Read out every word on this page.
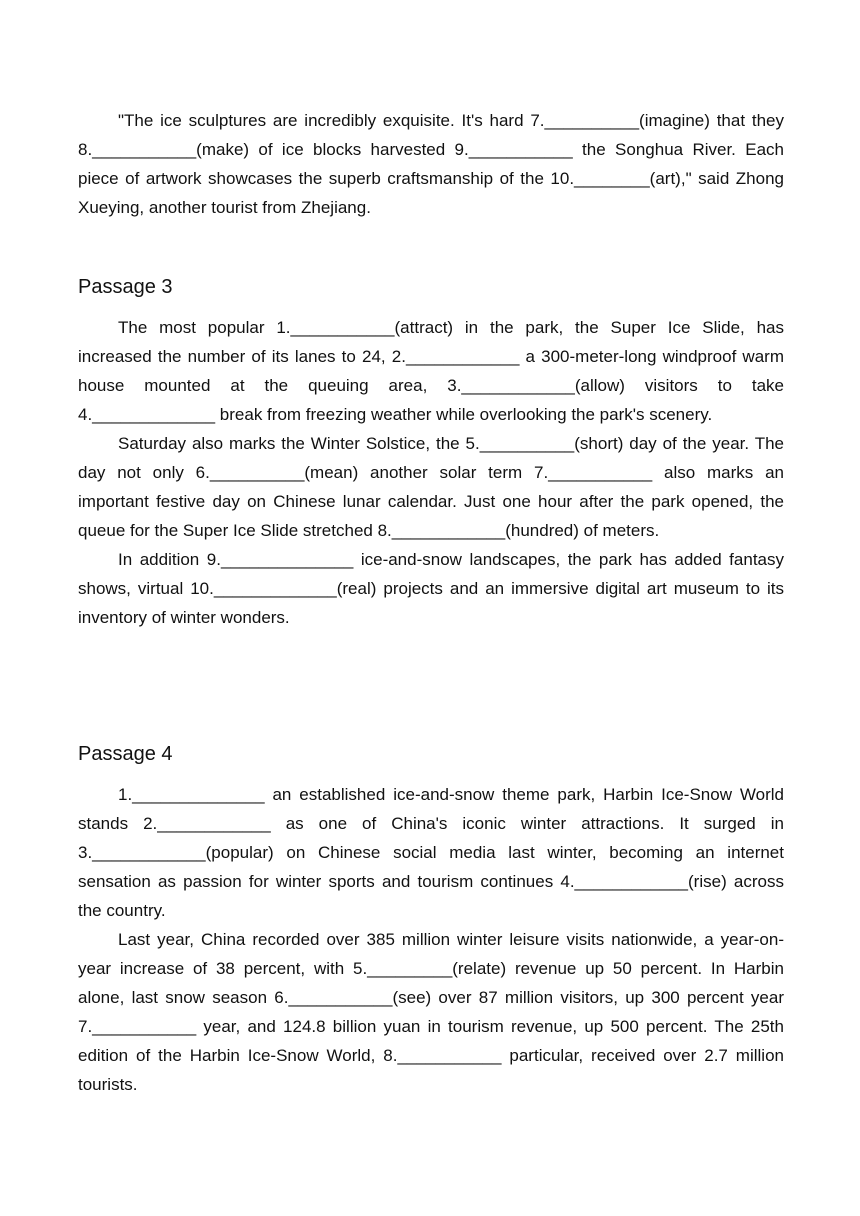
"The ice sculptures are incredibly exquisite. It's hard 7.__________(imagine) that they 8.___________(make) of ice blocks harvested 9.___________ the Songhua River. Each piece of artwork showcases the superb craftsmanship of the 10.________(art)," said Zhong Xueying, another tourist from Zhejiang.

Passage 3

The most popular 1.___________(attract) in the park, the Super Ice Slide, has increased the number of its lanes to 24, 2.____________ a 300-meter-long windproof warm house mounted at the queuing area, 3.____________(allow) visitors to take 4._____________ break from freezing weather while overlooking the park's scenery.

Saturday also marks the Winter Solstice, the 5.__________(short) day of the year. The day not only 6.__________(mean) another solar term 7.___________ also marks an important festive day on Chinese lunar calendar. Just one hour after the park opened, the queue for the Super Ice Slide stretched 8.____________(hundred) of meters.

In addition 9.______________ ice-and-snow landscapes, the park has added fantasy shows, virtual 10._____________(real) projects and an immersive digital art museum to its inventory of winter wonders.

Passage 4

1.______________ an established ice-and-snow theme park, Harbin Ice-Snow World stands 2.____________ as one of China's iconic winter attractions. It surged in 3.____________(popular) on Chinese social media last winter, becoming an internet sensation as passion for winter sports and tourism continues 4.____________(rise) across the country.

Last year, China recorded over 385 million winter leisure visits nationwide, a year-on-year increase of 38 percent, with 5._________(relate) revenue up 50 percent. In Harbin alone, last snow season 6.___________(see) over 87 million visitors, up 300 percent year 7.___________ year, and 124.8 billion yuan in tourism revenue, up 500 percent. The 25th edition of the Harbin Ice-Snow World, 8.___________ particular, received over 2.7 million tourists.
